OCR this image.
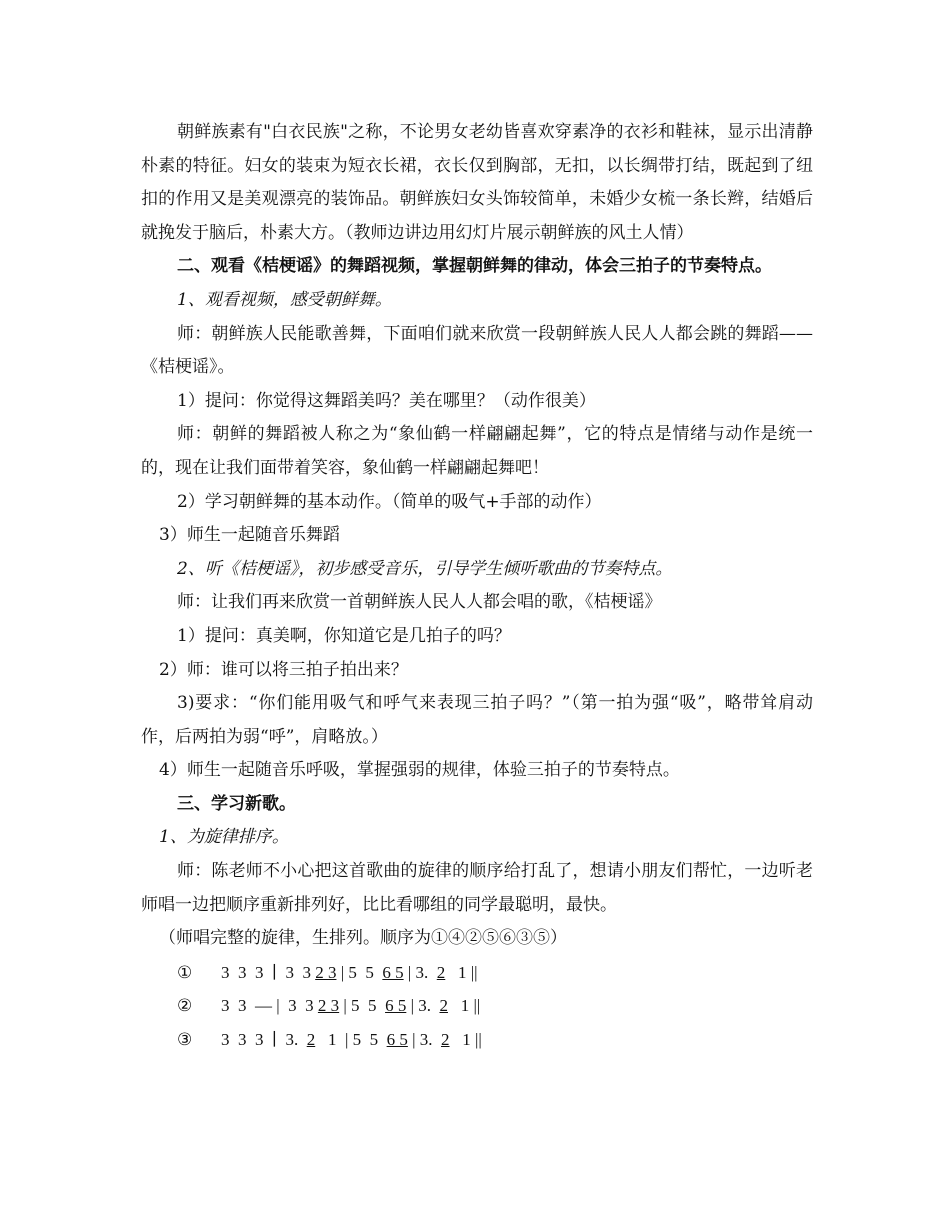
朝鲜族素有"白衣民族"之称，不论男女老幼皆喜欢穿素净的衣衫和鞋袜，显示出清静朴素的特征。妇女的装束为短衣长裙，衣长仅到胸部，无扣，以长绸带打结，既起到了纽扣的作用又是美观漂亮的装饰品。朝鲜族妇女头饰较简单，未婚少女梳一条长辫，结婚后就挽发于脑后，朴素大方。（教师边讲边用幻灯片展示朝鲜族的风土人情）

二、观看《桔梗谣》的舞蹈视频，掌握朝鲜舞的律动，体会三拍子的节奏特点。

1、观看视频，感受朝鲜舞。

师：朝鲜族人民能歌善舞，下面咱们就来欣赏一段朝鲜族人民人人都会跳的舞蹈——《桔梗谣》。

1）提问：你觉得这舞蹈美吗？美在哪里？（动作很美）

师：朝鲜的舞蹈被人称之为“象仙鹤一样翩翩起舞”，它的特点是情绪与动作是统一的，现在让我们面带着笑容，象仙鹤一样翩翩起舞吧！

2）学习朝鲜舞的基本动作。（简单的吸气+手部的动作）

3）师生一起随音乐舞蹈

2、听《桔梗谣》，初步感受音乐，引导学生倾听歌曲的节奏特点。

师：让我们再来欣赏一首朝鲜族人民人人都会唱的歌，《桔梗谣》

1）提问：真美啊，你知道它是几拍子的吗？

2）师：谁可以将三拍子拍出来？

3)要求：“你们能用吸气和呼气来表现三拍子吗？”（第一拍为强“吸”，略带耸肩动作，后两拍为弱“呼”，肩略放。）

4）师生一起随音乐呼吸，掌握强弱的规律，体验三拍子的节奏特点。

三、学习新歌。

1、为旋律排序。

师：陈老师不小心把这首歌曲的旋律的顺序给打乱了，想请小朋友们帮忙，一边听老师唱一边把顺序重新排列好，比比看哪组的同学最聪明，最快。

（师唱完整的旋律，生排列。顺序为①④②⑤⑥③⑤）

① 3  3  3  ∣  3  3 2 3 | 5  5  6 5 | 3.  2   1 ||

② 3  3  — |  3  3 2 3 | 5  5  6 5 | 3.  2   1 ||

③ 3  3  3  ∣  3.  2   1  | 5  5  6 5 | 3.  2   1 ||
